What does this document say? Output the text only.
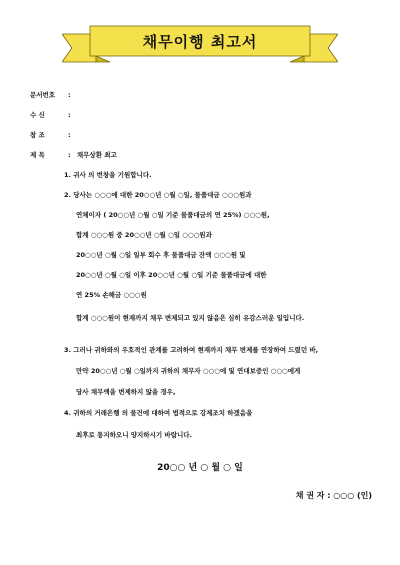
채무이행 최고서
문서번호 :
수 신	:
참 조	:
제 목	: 채무상환 최고
1. 귀사 의 번창을 기원합니다.
2. 당사는 ○○○에 대한 20○○년 ○월 ○일, 물품대금 ○○○원과
연체이자 ( 20○○년 ○월 ○일 기준 물품대금의 연 25%) ○○○원,
합계 ○○○원 중 20○○년 ○월 ○일 ○○○원과
20○○년 ○월 ○일 일부 회수 후 물품대금 잔액 ○○○원 및
20○○년 ○월 ○일 이후 20○○년 ○월 ○일 기준 물품대금에 대한
연 25% 손해금 ○○○원
합계 ○○○원이 현재까지 채무 변제되고 있지 않음은 심히 유감스러운 일입니다.
3. 그러나 귀하와의 우호적인 관계를 고려하여 현재까지 채무 변제를 연장하여 드렸던 바,
만약 20○○년 ○월 ○일까지 귀하의 채무자 ○○○에 및 연대보증인 ○○○에게
당사 채무액을 변제하지 않을 경우,
4. 귀하의 거래은행 의 물건에 대하여 법적으로 강제조치 하겠음을
최후로 통지하오니 양지하시기 바랍니다.
20○○ 년 ○ 월 ○ 일
채 권 자 : ○○○ (인)
